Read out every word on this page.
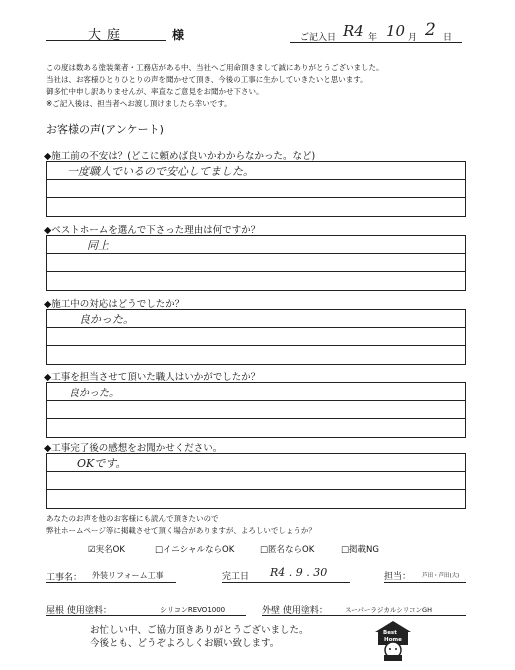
大庭	様	ご記入日 R4 年 10 月 2 日
この度は数ある塗装業者・工務店がある中、当社へご用命頂きまして誠にありがとうございました。
当社は、お客様ひとりひとりの声を聞かせて頂き、今後の工事に生かしていきたいと思います。
御多忙中申し訳ありませんが、率直なご意見をお聞かせ下さい。
※ご記入後は、担当者へお渡し頂けましたら幸いです。
お客様の声(アンケート)
◆施工前の不安は？(どこに頼めば良いかわからなかった。など)
一度職人でいるので安心してました。
◆ベストホームを選んで下さった理由は何ですか？
同上
◆施工中の対応はどうでしたか？
良かった。
◆工事を担当させて頂いた職人はいかがでしたか？
良かった。
◆工事完了後の感想をお聞かせください。
OKです。
あなたのお声を他のお客様にも読んで頂きたいので
弊社ホームページ等に掲載させて頂く場合がありますが、よろしいでしょうか？
☑実名OK	□イニシャルならOK	□匿名ならOK	□掲載NG
工事名： 外装リフォーム工事	完工日 R4 . 9 . 30	担当： 芦田・芦田(大)
屋根 使用塗料：	シリコンREVO1000	外壁 使用塗料：	スーパーラジカルシリコンGH
お忙しい中、ご協力頂きありがとうございました。
今後とも、どうぞよろしくお願い致します。
Best
Home
